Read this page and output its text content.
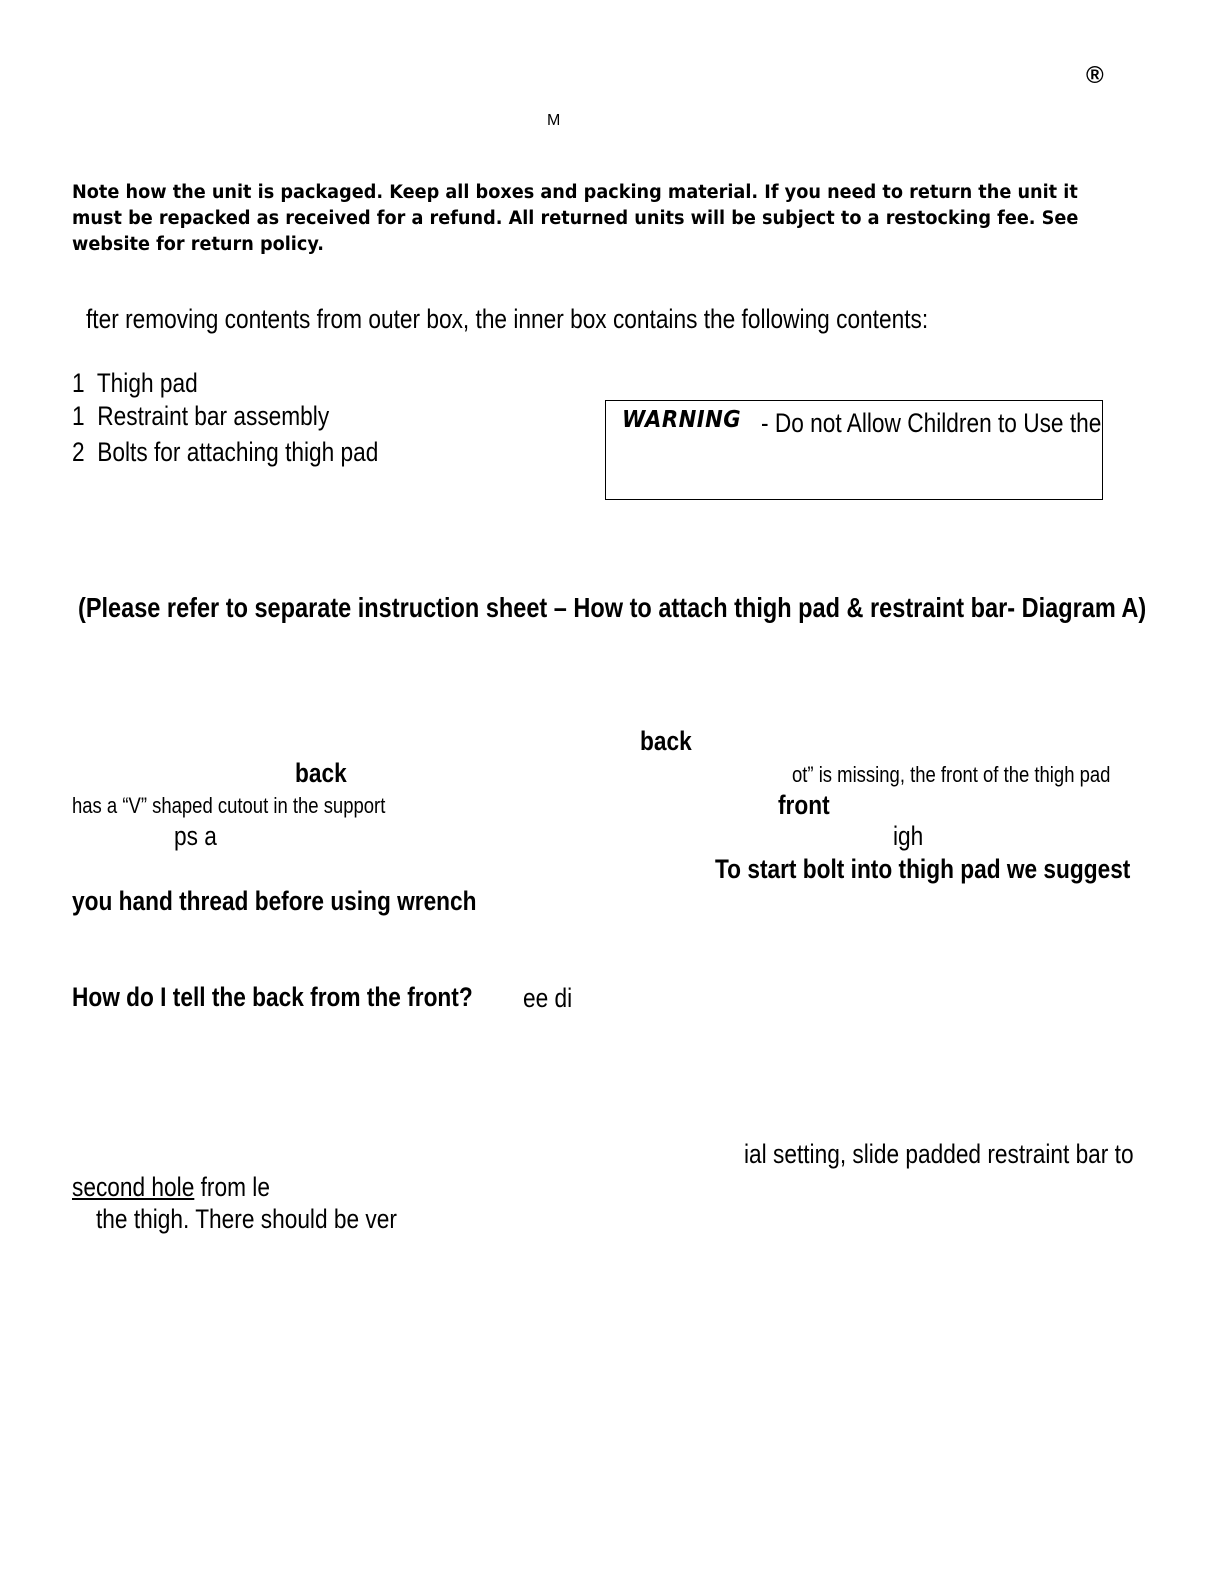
®
M
Note how the unit is packaged. Keep all boxes and packing material. If you need to return the unit it
must be repacked as received for a refund. All returned units will be subject to a restocking fee. See
website for return policy.
fter removing contents from outer box, the inner box contains the following contents:
1 Thigh pad
1 Restraint bar assembly
2 Bolts for attaching thigh pad
WARNING - Do not Allow Children to Use the
(Please refer to separate instruction sheet – How to attach thigh pad & restraint bar- Diagram A)
back
back	ot” is missing, the front of the thigh pad
has a “V” shaped cutout in the support	front
ps a	igh
To start bolt into thigh pad we suggest
you hand thread before using wrench
How do I tell the back from the front? ee di
ial setting, slide padded restraint bar to
second hole from le
the thigh. There should be ver
